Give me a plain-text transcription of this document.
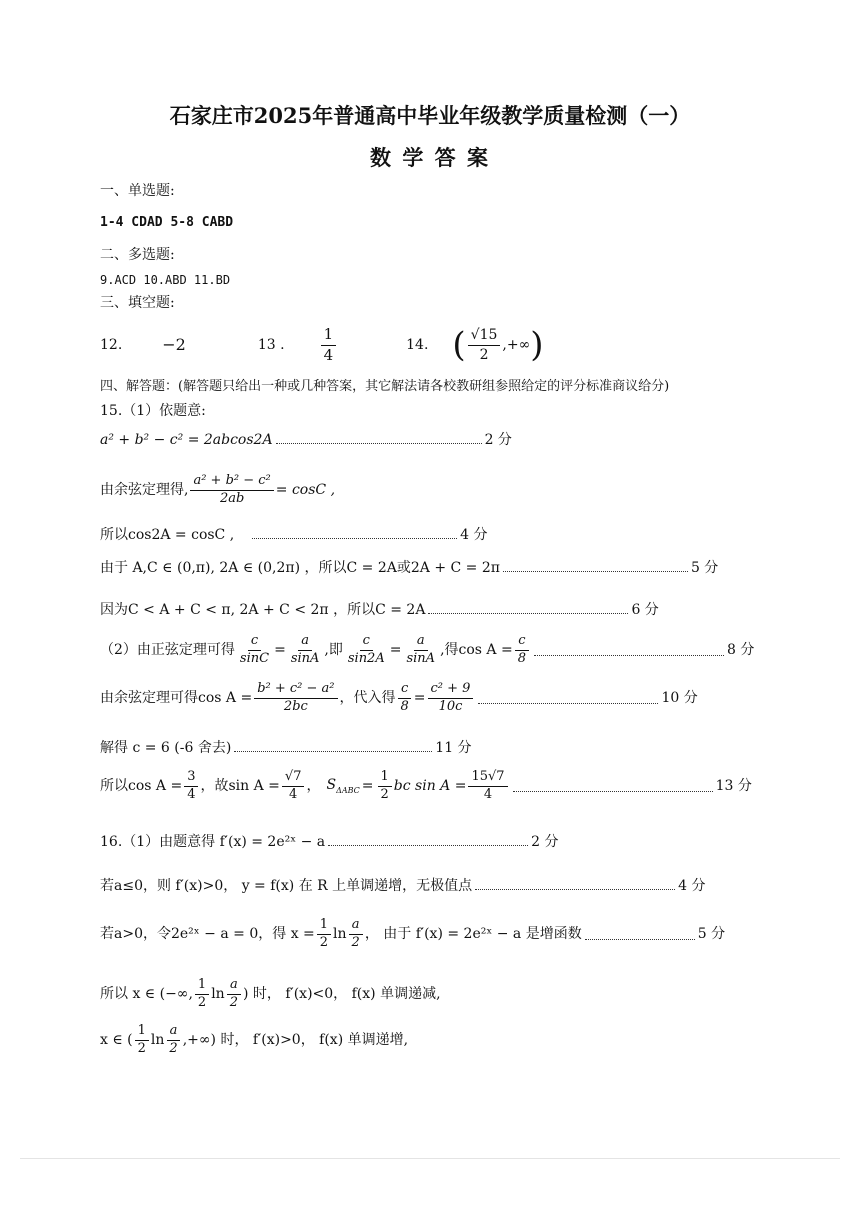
石家庄市2025年普通高中毕业年级教学质量检测（一）
数 学 答 案
一、单选题:
1-4 CDAD 5-8 CABD
二、多选题:
9.ACD 10.ABD 11.BD
三、填空题:
12.	−2	13 .
1
4
14. ( √15
2
,+∞ )
四、解答题：(解答题只给出一种或几种答案，其它解法请各校教研组参照给定的评分标准商议给分)
15.（1）依题意:
a² + b² − c² = 2abcos2A	2 分
由余弦定理得, $\frac{\text{a² + b² − c²}}{2ab} = \cos C$ ,
所以cos2A = cosC ,	4 分
由于 A,C ∈ (0,π), 2A ∈ (0,2π) ，所以C = 2A或2A + C = 2π	5 分
因为C < A + C < π, 2A + C < 2π ，所以C = 2A	6 分
（2）由正弦定理可得 $\frac{c}{\sin C} = \frac{a}{\sin A}$ ,即 $\frac{c}{\sin 2A} = \frac{a}{\sin A}$ ,得$\cos A = \frac{c}{8}$	8 分
由余弦定理可得$\cos A = \frac{\text{b² + c² − a²}}{2bc}$ ，代入得 $\frac{c}{8} = \frac{\text{c² + 9}}{10c}$	10 分
解得 c = 6 (-6 舍去)	11 分
所以$\cos A = \frac{3}{4}$ ，故$\sin A = \frac{√7}{4}$ ， $S_{\Delta ABC} = \frac{1}{2}$ bc $\sin A = \frac{15√7}{4}$	13 分
16.（1）由题意得 f′(x) = 2e²ˣ − a	2 分
若a≤0，则 f′(x)>0， y = f(x) 在 R 上单调递增，无极值点	4 分
若a>0，令2e²ˣ − a = 0，得 $x = \frac{1}{2}$ ln
a
2
， 由于 f′(x) = 2e²ˣ − a 是增函数	5 分
所以 x ∈ (−∞,
1
2
ln
a
2
) 时， f′(x)<0， f(x) 单调递减,
x ∈ (
1
2
ln
a
2
,+∞) 时， f′(x)>0， f(x) 单调递增,
